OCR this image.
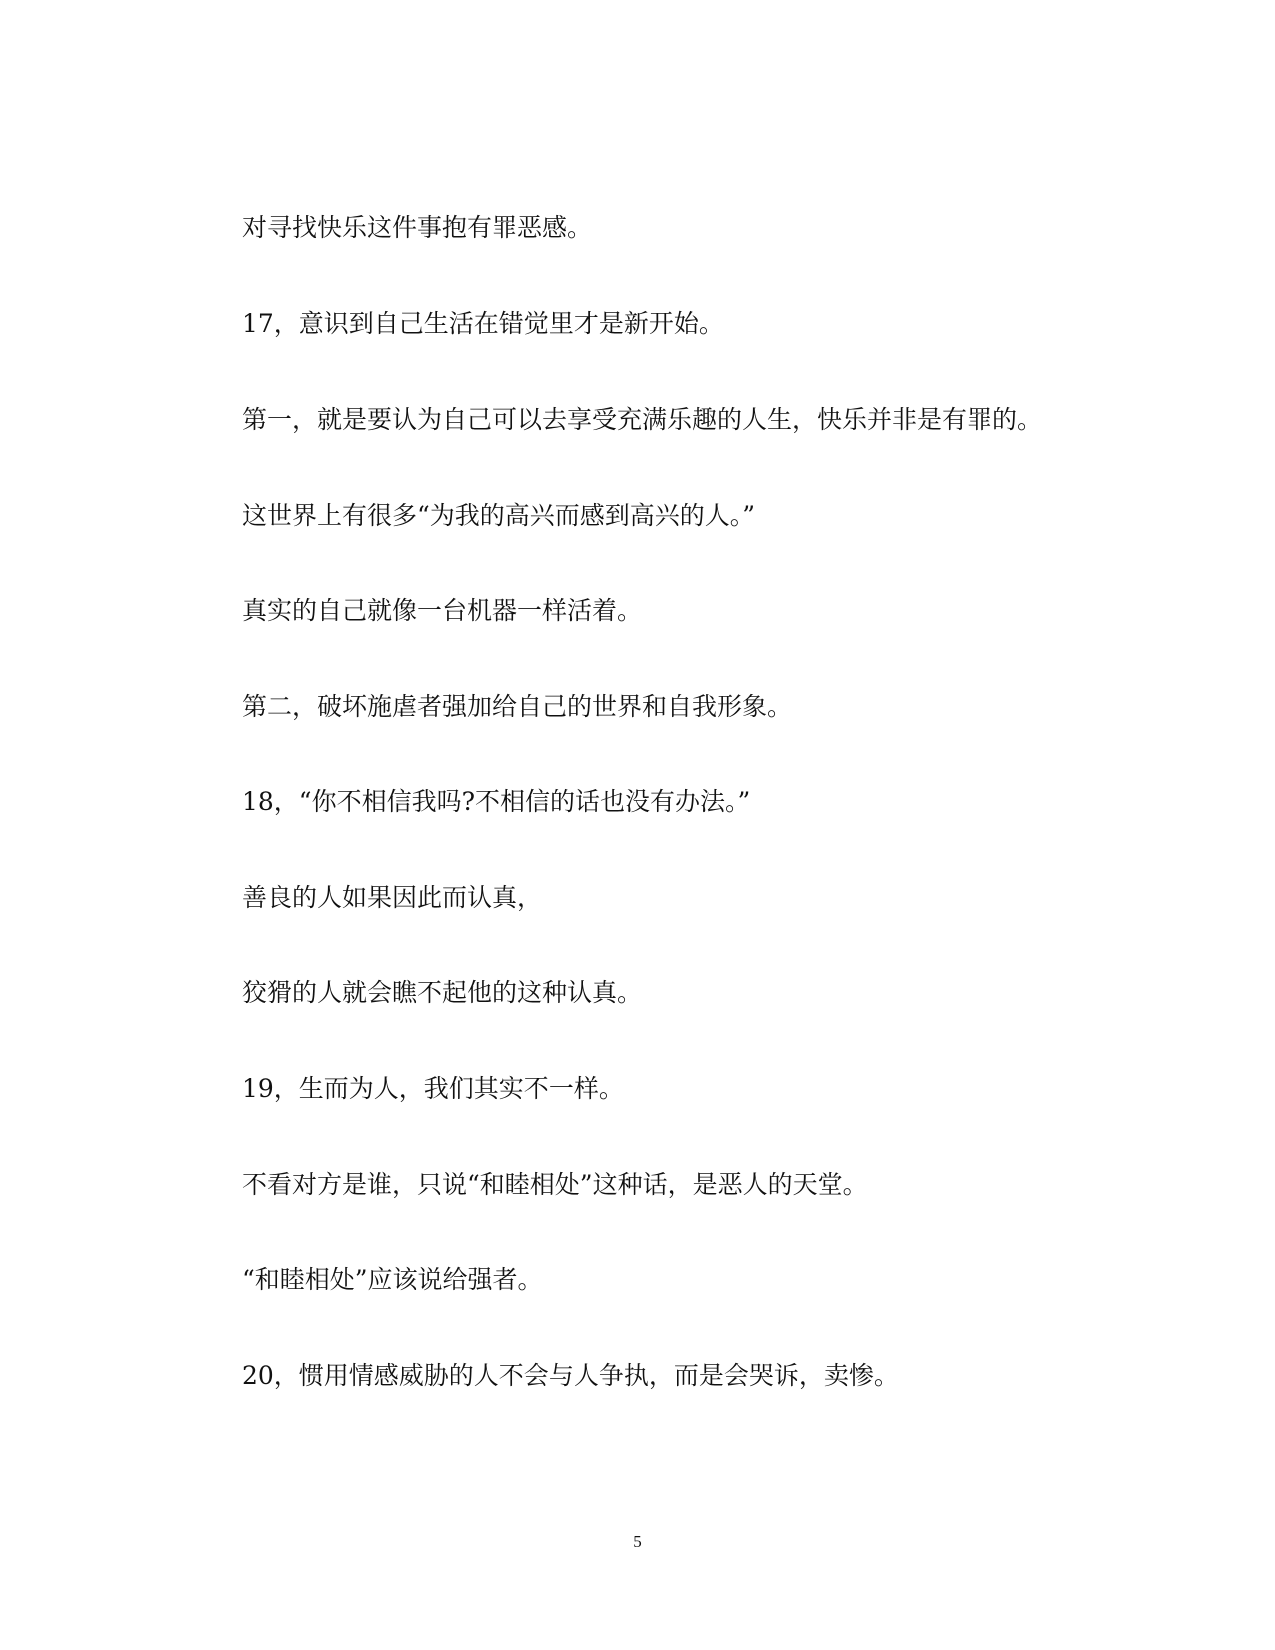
对寻找快乐这件事抱有罪恶感。

17，意识到自己生活在错觉里才是新开始。

第一，就是要认为自己可以去享受充满乐趣的人生，快乐并非是有罪的。

这世界上有很多“为我的高兴而感到高兴的人。”

真实的自己就像一台机器一样活着。

第二，破坏施虐者强加给自己的世界和自我形象。

18，“你不相信我吗?不相信的话也没有办法。”

善良的人如果因此而认真，

狡猾的人就会瞧不起他的这种认真。

19，生而为人，我们其实不一样。

不看对方是谁，只说“和睦相处”这种话，是恶人的天堂。

“和睦相处”应该说给强者。

20，惯用情感威胁的人不会与人争执，而是会哭诉，卖惨。

5
